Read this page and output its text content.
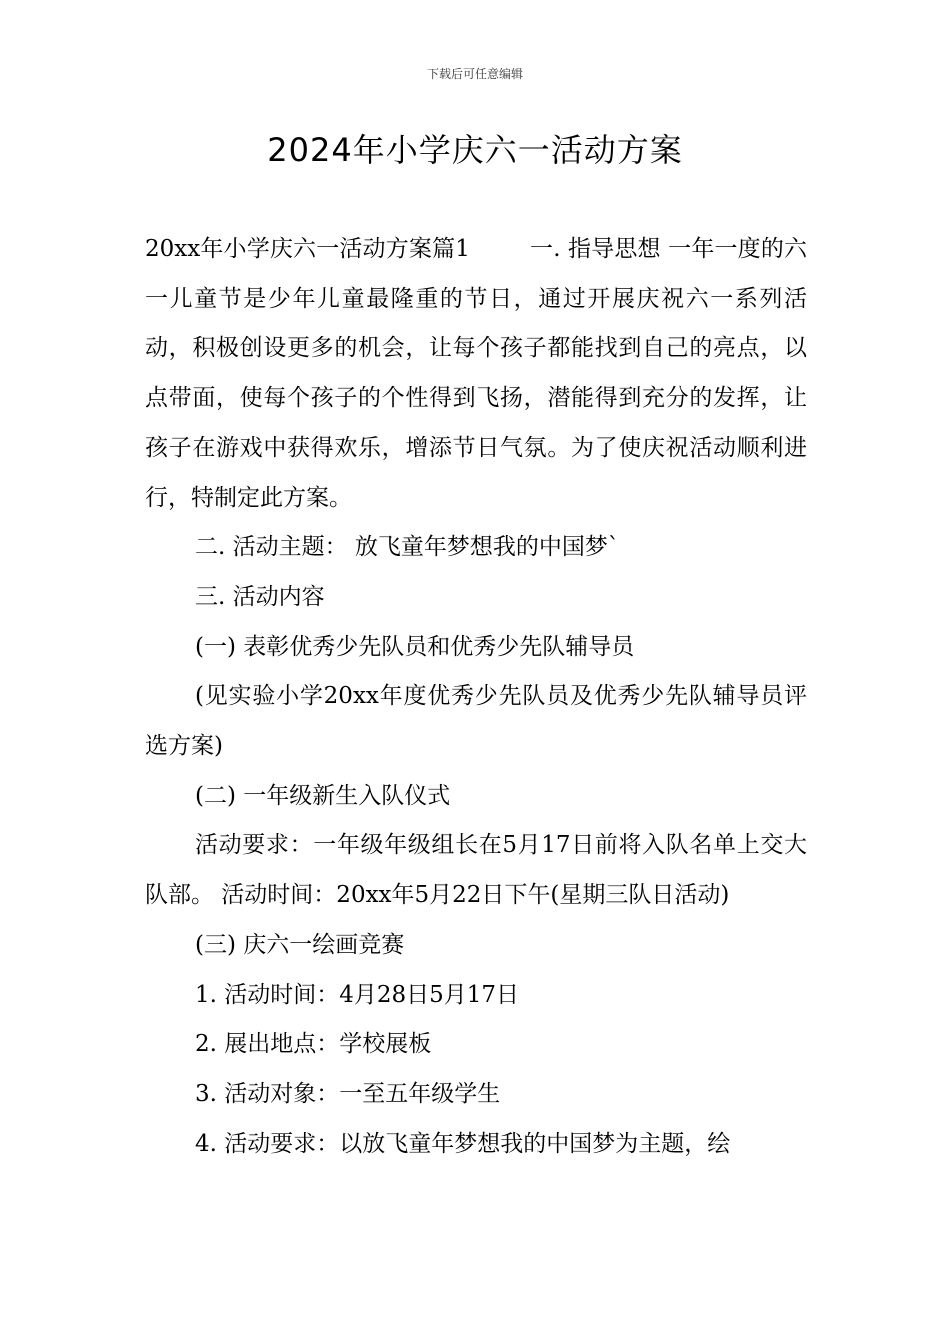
下载后可任意编辑
2024年小学庆六一活动方案

20xx年小学庆六一活动方案篇1	一. 指导思想 一年一度的六一儿童节是少年儿童最隆重的节日，通过开展庆祝六一系列活动，积极创设更多的机会，让每个孩子都能找到自己的亮点，以点带面，使每个孩子的个性得到飞扬，潜能得到充分的发挥，让孩子在游戏中获得欢乐，增添节日气氛。为了使庆祝活动顺利进行，特制定此方案。

二. 活动主题： 放飞童年梦想我的中国梦`

三. 活动内容

(一) 表彰优秀少先队员和优秀少先队辅导员

(见实验小学20xx年度优秀少先队员及优秀少先队辅导员评选方案)

(二) 一年级新生入队仪式

活动要求：一年级年级组长在5月17日前将入队名单上交大队部。 活动时间：20xx年5月22日下午(星期三队日活动)

(三) 庆六一绘画竞赛

1. 活动时间：4月28日5月17日

2. 展出地点：学校展板

3. 活动对象：一至五年级学生

4. 活动要求：以放飞童年梦想我的中国梦为主题，绘
